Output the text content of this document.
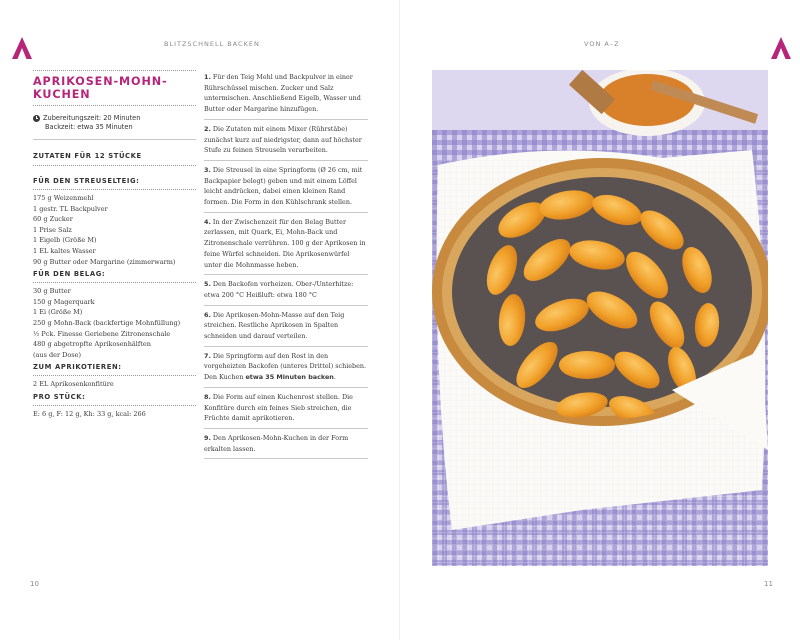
BLITZSCHNELL BACKEN
APRIKOSEN-MOHN-
KUCHEN
Zubereitungszeit: 20 Minuten
Backzeit: etwa 35 Minuten
ZUTATEN FÜR 12 STÜCKE
FÜR DEN STREUSELTEIG:
175 g Weizenmehl
1 gestr. TL Backpulver
60 g Zucker
1 Prise Salz
1 Eigelb (Größe M)
1 EL kaltes Wasser
90 g Butter oder Margarine (zimmerwarm)
FÜR DEN BELAG:
30 g Butter
150 g Magerquark
1 Ei (Größe M)
250 g Mohn-Back (backfertige Mohnfüllung)
½ Pck. Finesse Geriebene Zitronenschale
480 g abgetropfte Aprikosenhälften
(aus der Dose)
ZUM APRIKOTIEREN:
2 EL Aprikosenkonfitüre
PRO STÜCK:
E: 6 g, F: 12 g, Kh: 33 g, kcal: 266
1. Für den Teig Mehl und Backpulver in einer Rührschüssel mischen. Zucker und Salz untermischen. Anschließend Eigelb, Wasser und Butter oder Margarine hinzufügen.
2. Die Zutaten mit einem Mixer (Rührstäbe) zunächst kurz auf niedrigster, dann auf höchster Stufe zu feinen Streuseln verarbeiten.
3. Die Streusel in eine Springform (Ø 26 cm, mit Backpapier belegt) geben und mit einem Löffel leicht andrücken, dabei einen kleinen Rand formen. Die Form in den Kühlschrank stellen.
4. In der Zwischenzeit für den Belag Butter zerlassen, mit Quark, Ei, Mohn-Back und Zitronenschale verrühren. 100 g der Aprikosen in feine Würfel schneiden. Die Aprikosenwürfel unter die Mohnmasse heben.
5. Den Backofen vorheizen. Ober-/Unterhitze: etwa 200 °C Heißluft: etwa 180 °C
6. Die Aprikosen-Mohn-Masse auf den Teig streichen. Restliche Aprikosen in Spalten schneiden und darauf verteilen.
7. Die Springform auf den Rost in den vorgeheizten Backofen (unteres Drittel) schieben. Den Kuchen etwa 35 Minuten backen.
8. Die Form auf einen Kuchenrost stellen. Die Konfitüre durch ein feines Sieb streichen, die Früchte damit aprikotieren.
9. Den Aprikosen-Mohn-Kuchen in der Form erkalten lassen.
10
VON A–Z
11
